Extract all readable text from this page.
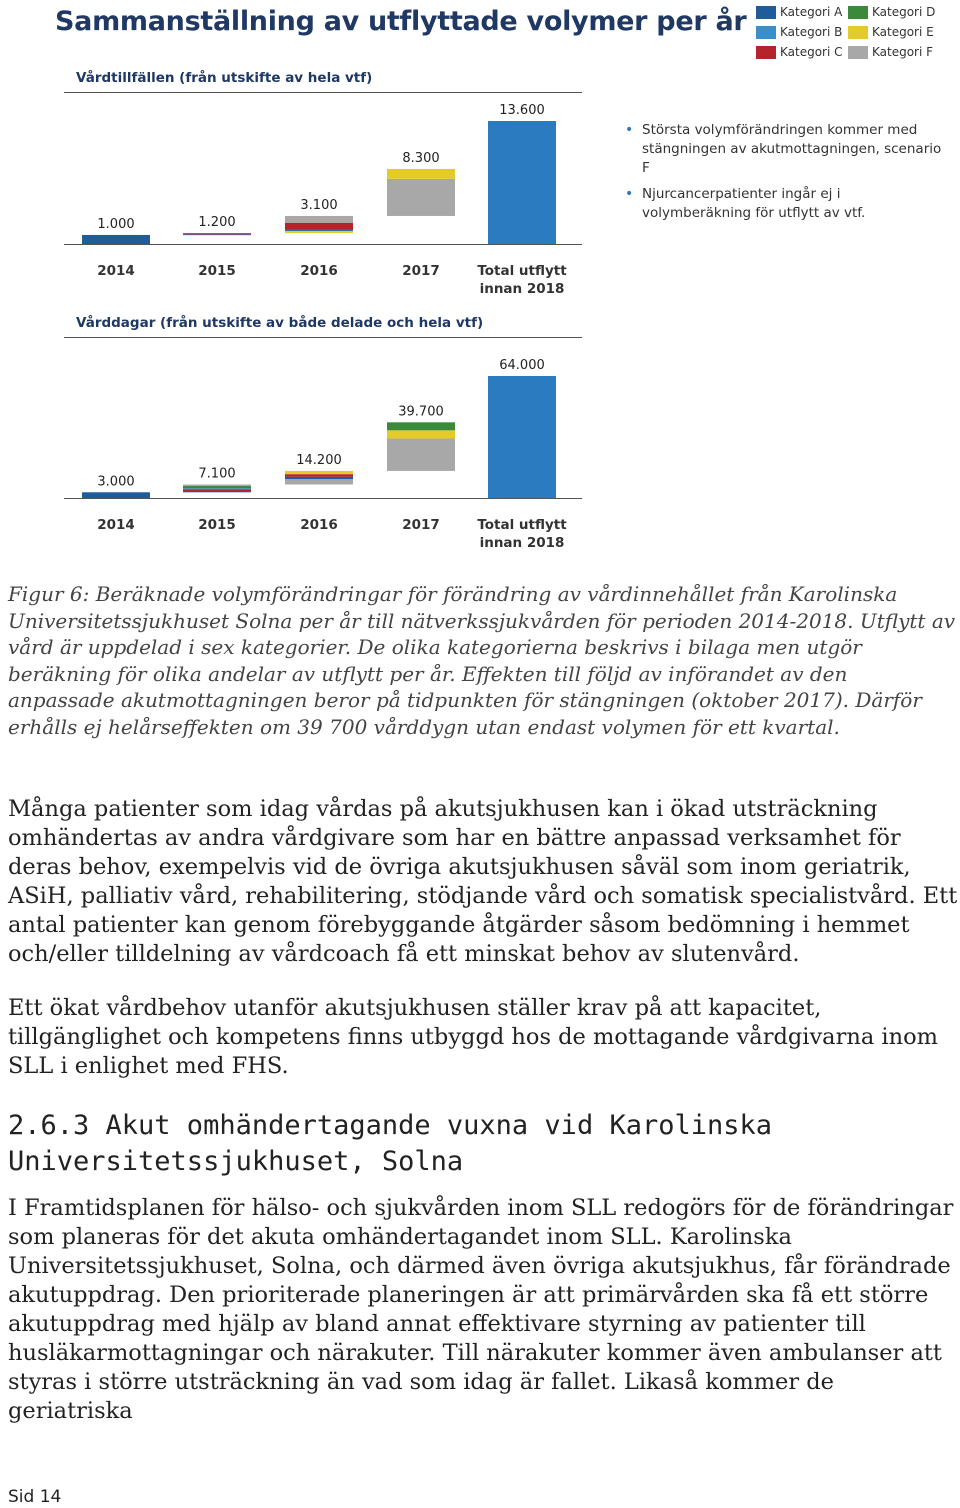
Sammanställning av utflyttade volymer per år	Kategori A
Kategori B
Kategori C
Kategori D
Kategori E
Kategori F
Vårdtillfällen (från utskifte av hela vtf)
1.000
2014
1.200
2015
3.100
2016
8.300
2017
13.600
Total utflytt
innan 2018
Vårddagar (från utskifte av både delade och hela vtf)
3.000
2014
7.100
2015
14.200
2016
39.700
2017
64.000
Total utflytt
innan 2018
• Största volymförändringen kommer med stängningen av akutmottagningen, scenario F
• Njurcancerpatienter ingår ej i volymberäkning för utflytt av vtf.
Figur 6: Beräknade volymförändringar för förändring av vårdinnehållet från Karolinska Universitetssjukhuset Solna per år till nätverkssjukvården för perioden 2014-2018. Utflytt av vård är uppdelad i sex kategorier. De olika kategorierna beskrivs i bilaga men utgör beräkning för olika andelar av utflytt per år. Effekten till följd av införandet av den anpassade akutmottagningen beror på tidpunkten för stängningen (oktober 2017). Därför erhålls ej helårseffekten om 39 700 vårddygn utan endast volymen för ett kvartal.
Många patienter som idag vårdas på akutsjukhusen kan i ökad utsträckning omhändertas av andra vårdgivare som har en bättre anpassad verksamhet för deras behov, exempelvis vid de övriga akutsjukhusen såväl som inom geriatrik, ASiH, palliativ vård, rehabilitering, stödjande vård och somatisk specialistvård. Ett antal patienter kan genom förebyggande åtgärder såsom bedömning i hemmet och/eller tilldelning av vårdcoach få ett minskat behov av slutenvård.
Ett ökat vårdbehov utanför akutsjukhusen ställer krav på att kapacitet, tillgänglighet och kompetens finns utbyggd hos de mottagande vårdgivarna inom SLL i enlighet med FHS.
2.6.3 Akut omhändertagande vuxna vid Karolinska Universitetssjukhuset, Solna
I Framtidsplanen för hälso- och sjukvården inom SLL redogörs för de förändringar som planeras för det akuta omhändertagandet inom SLL. Karolinska Universitetssjukhuset, Solna, och därmed även övriga akutsjukhus, får förändrade akutuppdrag. Den prioriterade planeringen är att primärvården ska få ett större akutuppdrag med hjälp av bland annat effektivare styrning av patienter till husläkarmottagningar och närakuter. Till närakuter kommer även ambulanser att styras i större utsträckning än vad som idag är fallet. Likaså kommer de geriatriska
Sid 14
